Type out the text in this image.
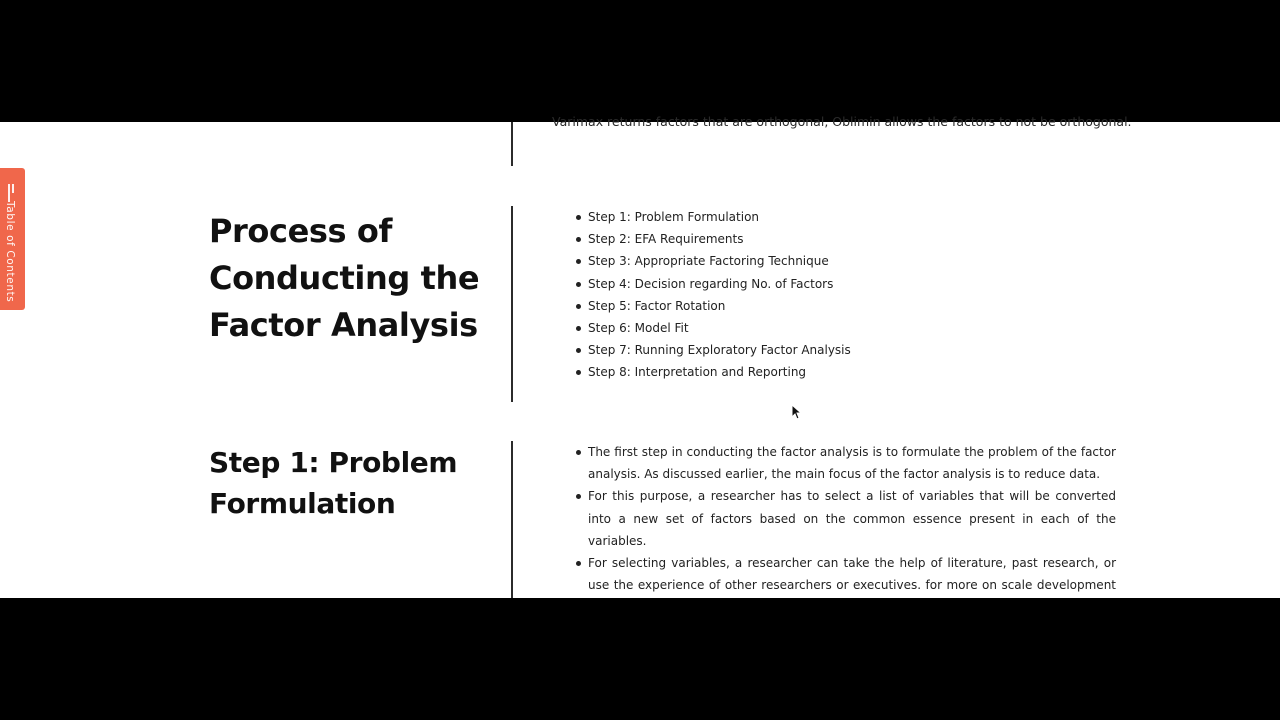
Table of Contents
Varimax returns factors that are orthogonal, Oblimin allows the factors to not be orthogonal.
Process of Conducting the Factor Analysis
Step 1: Problem Formulation
Step 2: EFA Requirements
Step 3: Appropriate Factoring Technique
Step 4: Decision regarding No. of Factors
Step 5: Factor Rotation
Step 6: Model Fit
Step 7: Running Exploratory Factor Analysis
Step 8: Interpretation and Reporting
Step 1: Problem Formulation
The first step in conducting the factor analysis is to formulate the problem of the factor analysis. As discussed earlier, the main focus of the factor analysis is to reduce data.
For this purpose, a researcher has to select a list of variables that will be converted into a new set of factors based on the common essence present in each of the variables.
For selecting variables, a researcher can take the help of literature, past research, or use the experience of other researchers or executives. for more on scale development
